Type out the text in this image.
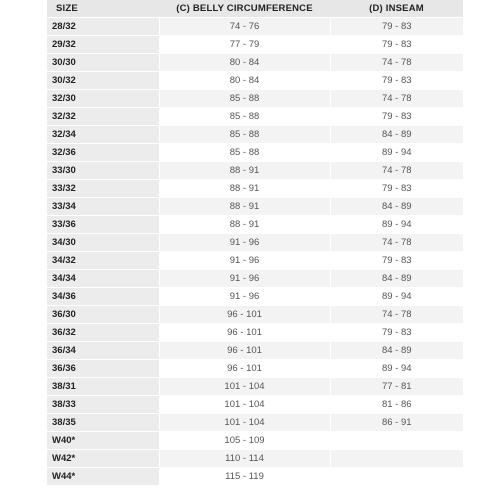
SIZE	(C) BELLY CIRCUMFERENCE	(D) INSEAM
28/32	74 - 76	79 - 83
29/32	77 - 79	79 - 83
30/30	80 - 84	74 - 78
30/32	80 - 84	79 - 83
32/30	85 - 88	74 - 78
32/32	85 - 88	79 - 83
32/34	85 - 88	84 - 89
32/36	85 - 88	89 - 94
33/30	88 - 91	74 - 78
33/32	88 - 91	79 - 83
33/34	88 - 91	84 - 89
33/36	88 - 91	89 - 94
34/30	91 - 96	74 - 78
34/32	91 - 96	79 - 83
34/34	91 - 96	84 - 89
34/36	91 - 96	89 - 94
36/30	96 - 101	74 - 78
36/32	96 - 101	79 - 83
36/34	96 - 101	84 - 89
36/36	96 - 101	89 - 94
38/31	101 - 104	77 - 81
38/33	101 - 104	81 - 86
38/35	101 - 104	86 - 91
W40*	105 - 109	
W42*	110 - 114	
W44*	115 - 119	
